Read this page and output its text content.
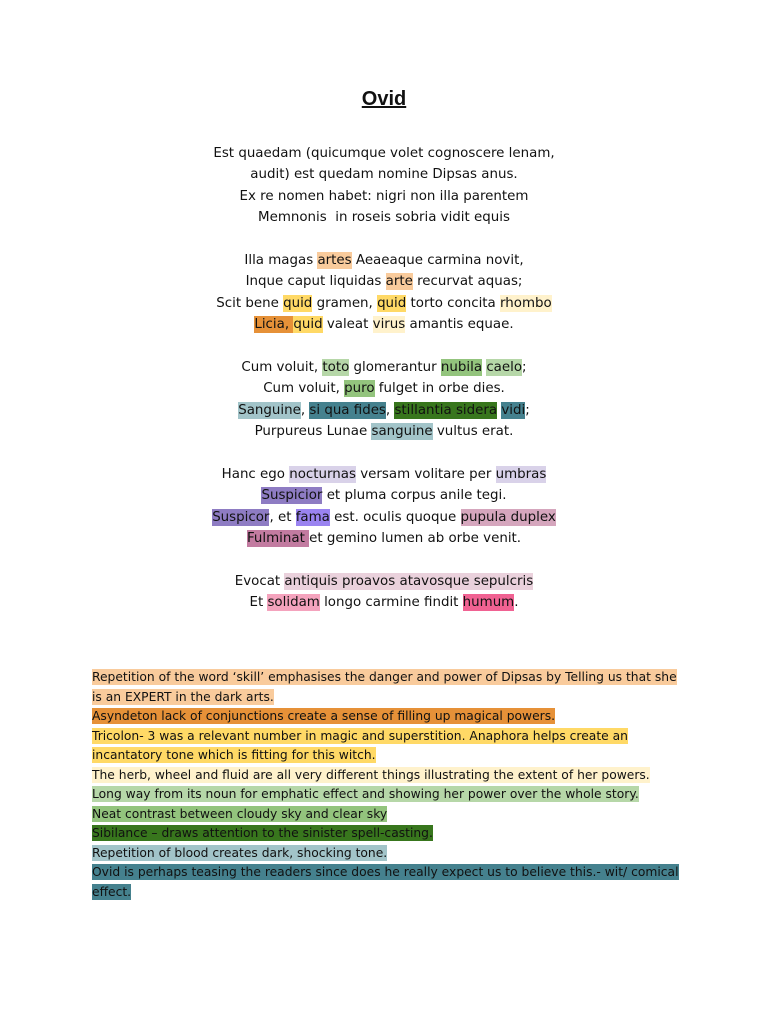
Ovid
Est quaedam (quicumque volet cognoscere lenam,
audit) est quedam nomine Dipsas anus.
Ex re nomen habet: nigri non illa parentem
Memnonis  in roseis sobria vidit equis
Illa magas artes Aeaeaque carmina novit,
Inque caput liquidas arte recurvat aquas;
Scit bene quid gramen, quid torto concita rhombo
Licia, quid valeat virus amantis equae.
Cum voluit, toto glomerantur nubila caelo;
Cum voluit, puro fulget in orbe dies.
Sanguine, si qua fides, stillantia sidera vidi;
Purpureus Lunae sanguine vultus erat.
Hanc ego nocturnas versam volitare per umbras
Suspicior et pluma corpus anile tegi.
Suspicor, et fama est. oculis quoque pupula duplex
Fulminat et gemino lumen ab orbe venit.
Evocat antiquis proavos atavosque sepulcris
Et solidam longo carmine findit humum.
Repetition of the word ‘skill’ emphasises the danger and power of Dipsas by Telling us that she
is an EXPERT in the dark arts.
Asyndeton lack of conjunctions create a sense of filling up magical powers.
Tricolon- 3 was a relevant number in magic and superstition. Anaphora helps create an
incantatory tone which is fitting for this witch.
The herb, wheel and fluid are all very different things illustrating the extent of her powers.
Long way from its noun for emphatic effect and showing her power over the whole story.
Neat contrast between cloudy sky and clear sky
Sibilance – draws attention to the sinister spell-casting.
Repetition of blood creates dark, shocking tone.
Ovid is perhaps teasing the readers since does he really expect us to believe this.- wit/ comical
effect.
